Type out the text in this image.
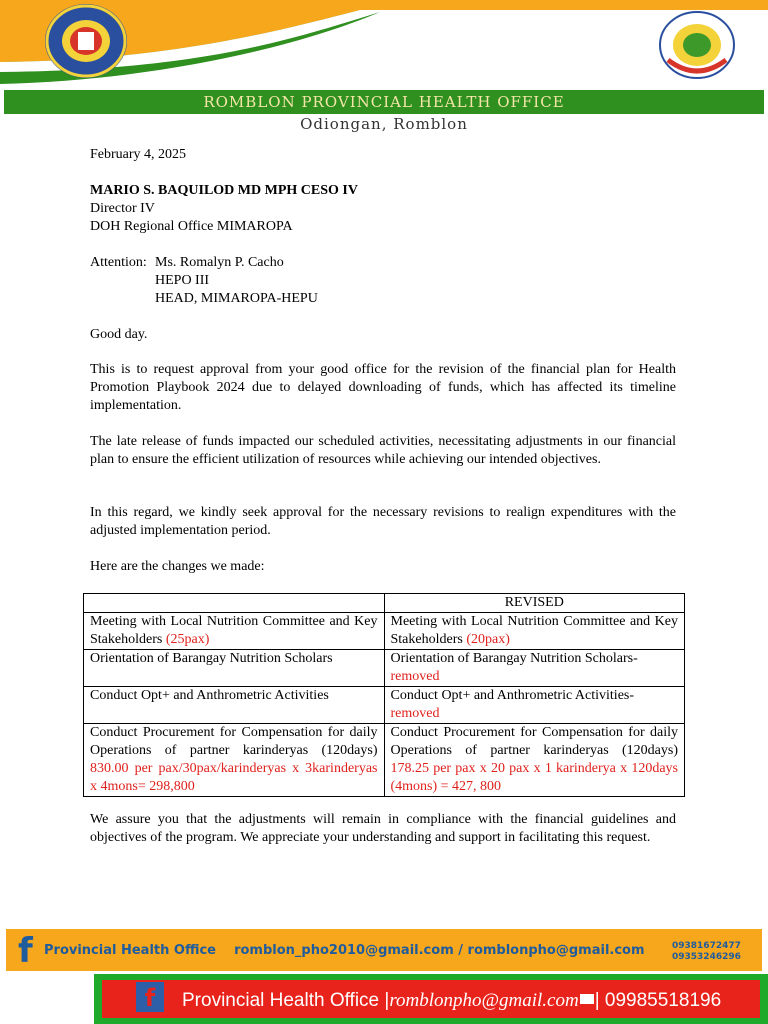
ROMBLON PROVINCIAL HEALTH OFFICE
Odiongan, Romblon
February 4, 2025
MARIO S. BAQUILOD MD MPH CESO IV
Director IV
DOH Regional Office MIMAROPA
Attention: Ms. Romalyn P. Cacho
HEPO III
HEAD, MIMAROPA-HEPU
Good day.
This is to request approval from your good office for the revision of the financial plan for Health Promotion Playbook 2024 due to delayed downloading of funds, which has affected its timeline implementation.
The late release of funds impacted our scheduled activities, necessitating adjustments in our financial plan to ensure the efficient utilization of resources while achieving our intended objectives.
In this regard, we kindly seek approval for the necessary revisions to realign expenditures with the adjusted implementation period.
Here are the changes we made:
	REVISED
Meeting with Local Nutrition Committee and Key Stakeholders (25pax)	Meeting with Local Nutrition Committee and Key Stakeholders (20pax)
Orientation of Barangay Nutrition Scholars	Orientation of Barangay Nutrition Scholars-
removed
Conduct Opt+ and Anthrometric Activities	Conduct Opt+ and Anthrometric Activities-
removed
Conduct Procurement for Compensation for daily Operations of partner karinderyas (120days) 830.00 per pax/30pax/karinderyas x 3karinderyas x 4mons= 298,800	Conduct Procurement for Compensation for daily Operations of partner karinderyas (120days) 178.25 per pax x 20 pax x 1 karinderya x 120days (4mons) = 427, 800
We assure you that the adjustments will remain in compliance with the financial guidelines and objectives of the program. We appreciate your understanding and support in facilitating this request.
f Provincial Health Office    romblon_pho2010@gmail.com / romblonpho@gmail.com	09381672477
09353246296
f	Provincial Health Office |romblonpho@gmail.com | 09985518196
